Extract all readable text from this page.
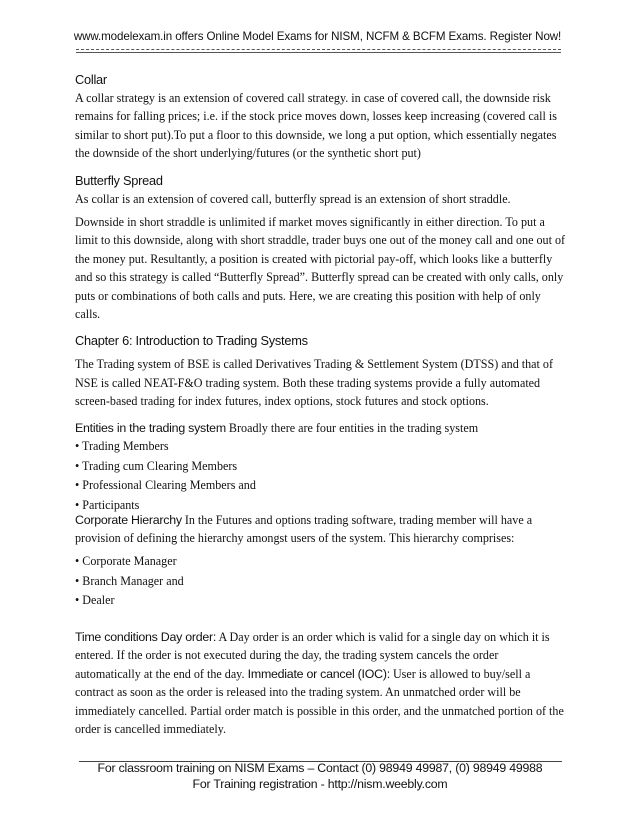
www.modelexam.in offers Online Model Exams for NISM, NCFM & BCFM Exams. Register Now!
Collar

A collar strategy is an extension of covered call strategy. in case of covered call, the downside risk remains for falling prices; i.e. if the stock price moves down, losses keep increasing (covered call is similar to short put).To put a floor to this downside, we long a put option, which essentially negates the downside of the short underlying/futures (or the synthetic short put)

Butterfly Spread

As collar is an extension of covered call, butterfly spread is an extension of short straddle.

Downside in short straddle is unlimited if market moves significantly in either direction. To put a limit to this downside, along with short straddle, trader buys one out of the money call and one out of the money put. Resultantly, a position is created with pictorial pay-off, which looks like a butterfly and so this strategy is called “Butterfly Spread”. Butterfly spread can be created with only calls, only puts or combinations of both calls and puts. Here, we are creating this position with help of only calls.

Chapter 6: Introduction to Trading Systems

The Trading system of BSE is called Derivatives Trading & Settlement System (DTSS) and that of NSE is called NEAT-F&O trading system. Both these trading systems provide a fully automated screen-based trading for index futures, index options, stock futures and stock options.

Entities in the trading system Broadly there are four entities in the trading system

• Trading Members
• Trading cum Clearing Members
• Professional Clearing Members and
• Participants

Corporate Hierarchy In the Futures and options trading software, trading member will have a provision of defining the hierarchy amongst users of the system. This hierarchy comprises:

• Corporate Manager
• Branch Manager and
• Dealer

Time conditions Day order: A Day order is an order which is valid for a single day on which it is entered. If the order is not executed during the day, the trading system cancels the order automatically at the end of the day. Immediate or cancel (IOC): User is allowed to buy/sell a contract as soon as the order is released into the trading system. An unmatched order will be immediately cancelled. Partial order match is possible in this order, and the unmatched portion of the order is cancelled immediately.

For classroom training on NISM Exams – Contact (0) 98949 49987, (0) 98949 49988
For Training registration - http://nism.weebly.com
